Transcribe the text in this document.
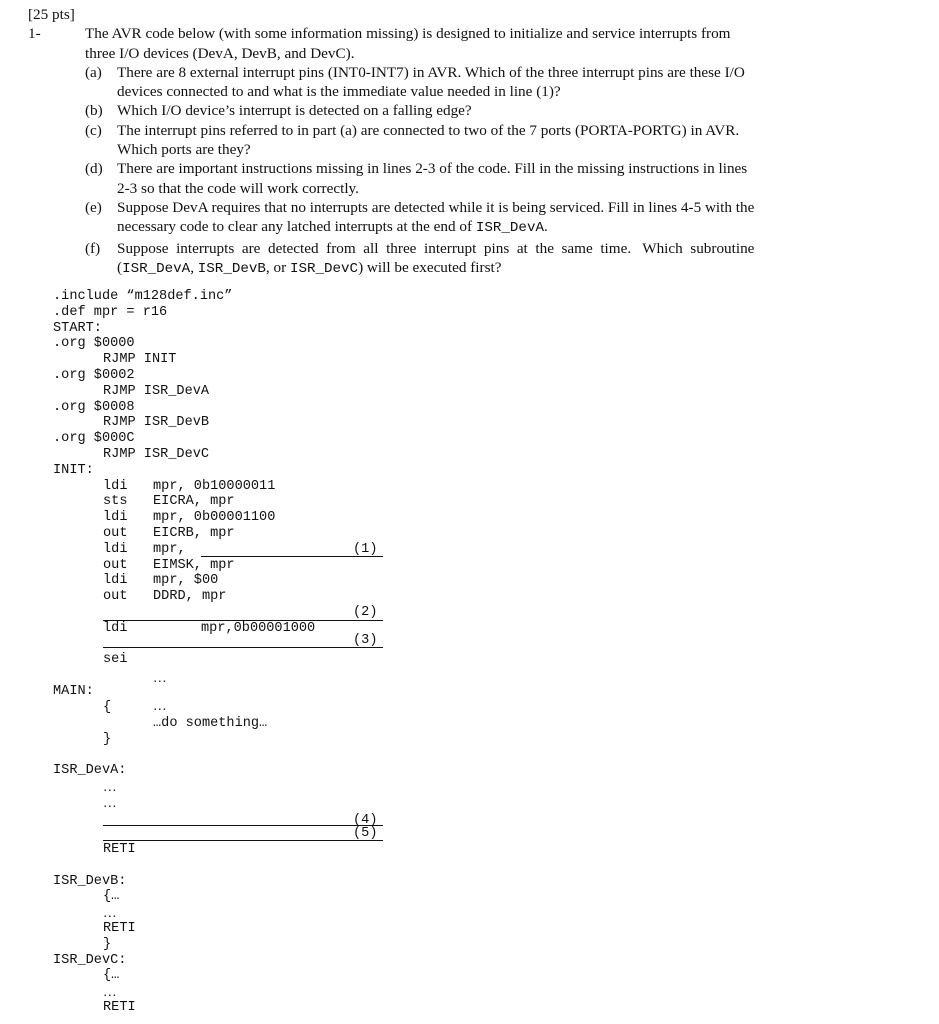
[25 pts]
1-	The AVR code below (with some information missing) is designed to initialize and service interrupts from
three I/O devices (DevA, DevB, and DevC).
(a) There are 8 external interrupt pins (INT0-INT7) in AVR. Which of the three interrupt pins are these I/O
devices connected to and what is the immediate value needed in line (1)?
(b) Which I/O device’s interrupt is detected on a falling edge?
(c) The interrupt pins referred to in part (a) are connected to two of the 7 ports (PORTA-PORTG) in AVR.
Which ports are they?
(d) There are important instructions missing in lines 2-3 of the code. Fill in the missing instructions in lines
2-3 so that the code will work correctly.
(e) Suppose DevA requires that no interrupts are detected while it is being serviced. Fill in lines 4-5 with the
necessary code to clear any latched interrupts at the end of ISR_DevA.
(f) Suppose  interrupts  are  detected  from  all  three  interrupt  pins  at  the  same  time.   Which  subroutine
(ISR_DevA, ISR_DevB, or ISR_DevC) will be executed first?
.include “m128def.inc”
.def mpr = r16
START:
.org $0000
RJMP INIT
.org $0002
RJMP ISR_DevA
.org $0008
RJMP ISR_DevB
.org $000C
RJMP ISR_DevC
INIT:
ldi mpr, 0b10000011
sts EICRA, mpr
ldi mpr, 0b00001100
out EICRB, mpr
ldi mpr,	(1)
out EIMSK, mpr
ldi mpr, $00
out DDRD, mpr
(2)
ldi	mpr,0b00001000
(3)
sei
…
MAIN:
{	…
…do something…
}
ISR_DevA:
…
…
(4)
(5)
RETI
ISR_DevB:
{…
…
RETI
}
ISR_DevC:
{…
…
RETI
